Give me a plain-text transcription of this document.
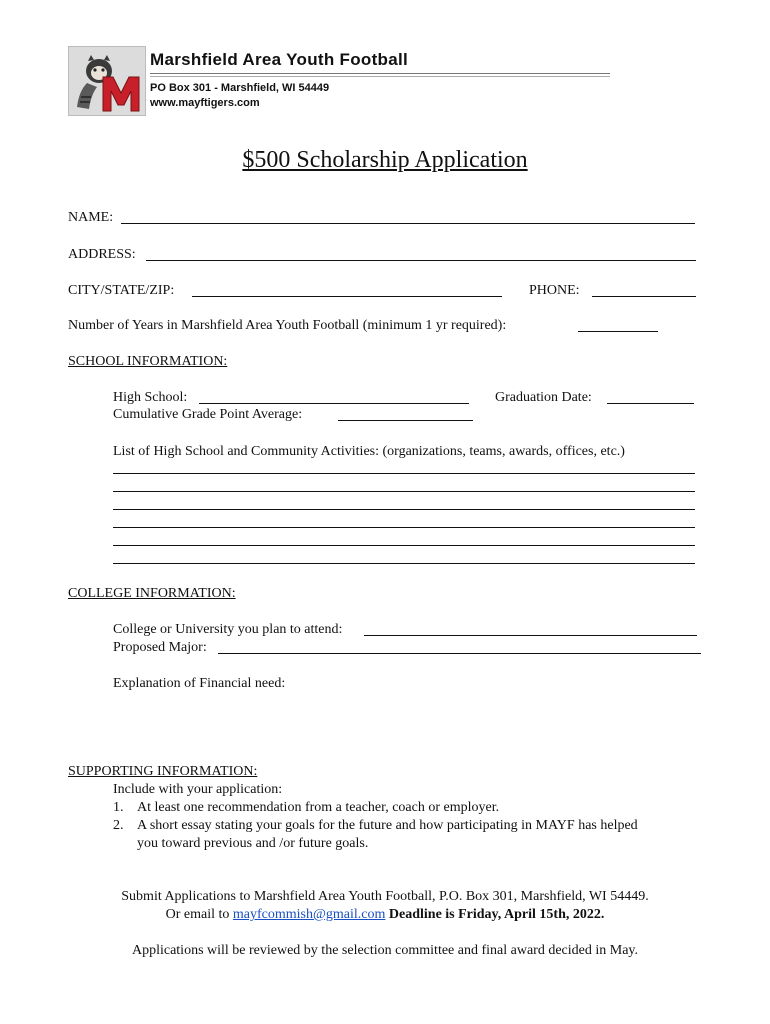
Marshfield Area Youth Football
PO Box 301 - Marshfield, WI 54449
www.mayftigers.com
$500 Scholarship Application
NAME:
ADDRESS:
CITY/STATE/ZIP:	PHONE:
Number of Years in Marshfield Area Youth Football (minimum 1 yr required):
SCHOOL INFORMATION:
High School:	Graduation Date:
Cumulative Grade Point Average:
List of High School and Community Activities: (organizations, teams, awards, offices, etc.)
COLLEGE INFORMATION:
College or University you plan to attend:
Proposed Major:
Explanation of Financial need:
SUPPORTING INFORMATION:
Include with your application:
1. At least one recommendation from a teacher, coach or employer.
2. A short essay stating your goals for the future and how participating in MAYF has helped
you toward previous and /or future goals.
Submit Applications to Marshfield Area Youth Football, P.O. Box 301, Marshfield, WI 54449.
Or email to mayfcommish@gmail.com Deadline is Friday, April 15th, 2022.
Applications will be reviewed by the selection committee and final award decided in May.
